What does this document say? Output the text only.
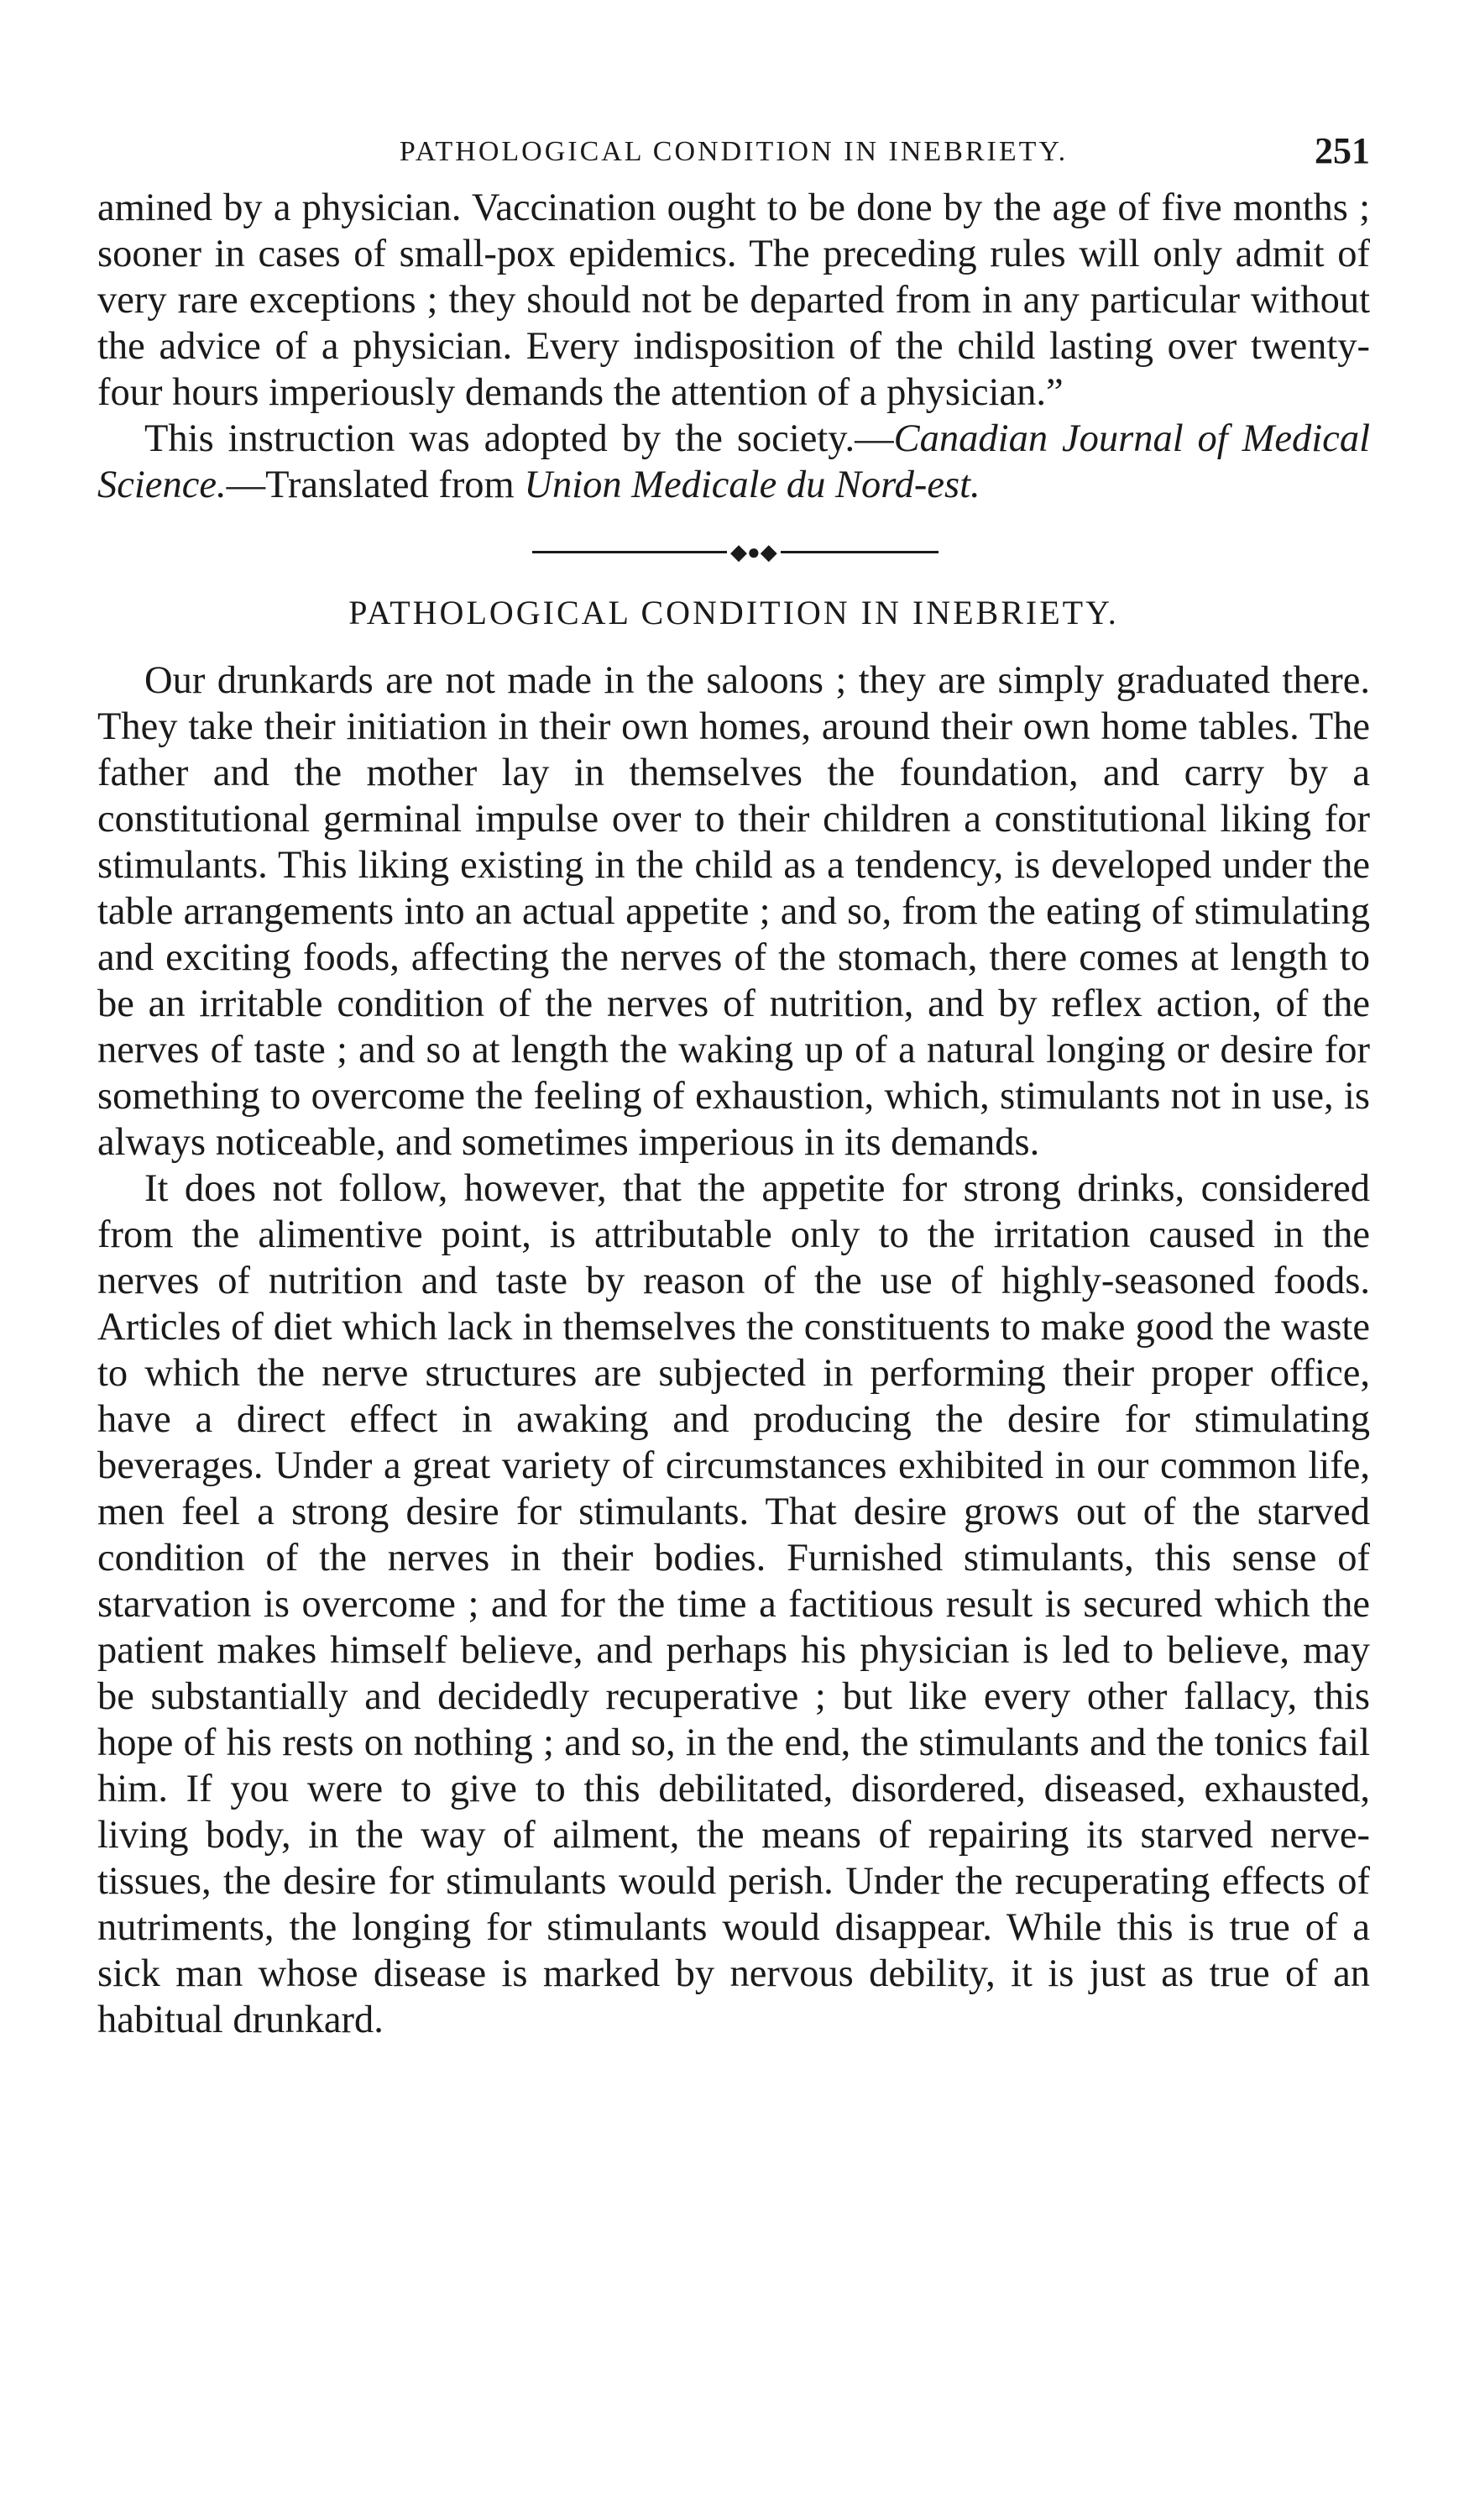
PATHOLOGICAL CONDITION IN INEBRIETY.	251

amined by a physician. Vaccination ought to be done by the age of five months ; sooner in cases of small-pox epidemics. The preceding rules will only admit of very rare exceptions ; they should not be departed from in any particular without the advice of a physician. Every indisposition of the child lasting over twenty-four hours imperiously demands the attention of a physician.”

This instruction was adopted by the society.—Canadian Journal of Medical Science.—Translated from Union Medicale du Nord-est.

◆●◆
PATHOLOGICAL CONDITION IN INEBRIETY.

Our drunkards are not made in the saloons ; they are simply graduated there. They take their initiation in their own homes, around their own home tables. The father and the mother lay in themselves the foundation, and carry by a constitutional germinal impulse over to their children a constitutional liking for stimulants. This liking existing in the child as a tendency, is developed under the table arrangements into an actual appetite ; and so, from the eating of stimulating and exciting foods, affecting the nerves of the stomach, there comes at length to be an irritable condition of the nerves of nutrition, and by reflex action, of the nerves of taste ; and so at length the waking up of a natural longing or desire for something to overcome the feeling of exhaustion, which, stimulants not in use, is always noticeable, and sometimes imperious in its demands.

It does not follow, however, that the appetite for strong drinks, considered from the alimentive point, is attributable only to the irritation caused in the nerves of nutrition and taste by reason of the use of highly-seasoned foods. Articles of diet which lack in themselves the constituents to make good the waste to which the nerve structures are subjected in performing their proper office, have a direct effect in awaking and producing the desire for stimulating beverages. Under a great variety of circumstances exhibited in our common life, men feel a strong desire for stimulants. That desire grows out of the starved condition of the nerves in their bodies. Furnished stimulants, this sense of starvation is overcome ; and for the time a factitious result is secured which the patient makes himself believe, and perhaps his physician is led to believe, may be substantially and decidedly recuperative ; but like every other fallacy, this hope of his rests on nothing ; and so, in the end, the stimulants and the tonics fail him. If you were to give to this debilitated, disordered, diseased, exhausted, living body, in the way of ailment, the means of repairing its starved nerve-tissues, the desire for stimulants would perish. Under the recuperating effects of nutriments, the longing for stimulants would disappear. While this is true of a sick man whose disease is marked by nervous debility, it is just as true of an habitual drunkard.
